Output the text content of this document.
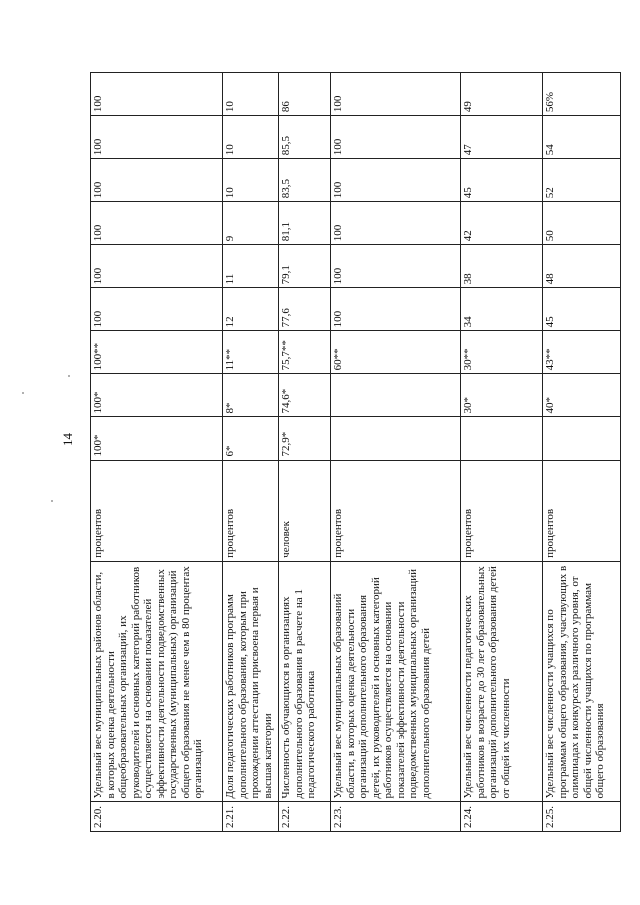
14
2.20.	Удельный вес муниципальных районов области, в которых оценка деятельности общеобразовательных организаций, их руководителей и основных категорий работников осуществляется на основании показателей эффективности деятельности подведомственных государственных (муниципальных) организаций общего образования не менее чем в 80 процентах организаций	процентов	100*	100*	100**	100	100	100	100	100	100
2.21.	Доля педагогических работников программ дополнительного образования, которым при прохождении аттестации присвоена первая и высшая категории	процентов	6*	8*	11**	12	11	9	10	10	10
2.22.	Численность обучающихся в организациях дополнительного образования в расчете на 1 педагогического работника	человек	72,9*	74,6*	75,7**	77,6	79,1	81,1	83,5	85,5	86
2.23.	Удельный вес муниципальных образований области, в которых оценка деятельности организаций дополнительного образования детей, их руководителей и основных категорий работников осуществляется на основании показателей эффективности деятельности подведомственных муниципальных организаций дополнительного образования детей	процентов			60**	100	100	100	100	100	100
2.24.	Удельный вес численности педагогических работников в возрасте до 30 лет образовательных организаций дополнительного образования детей от общей их численности	процентов		30*	30**	34	38	42	45	47	49
2.25.	Удельный вес численности учащихся по программам общего образования, участвующих в олимпиадах и конкурсах различного уровня, от общей численности учащихся по программам общего образования	процентов		40*	43**	45	48	50	52	54	56%
